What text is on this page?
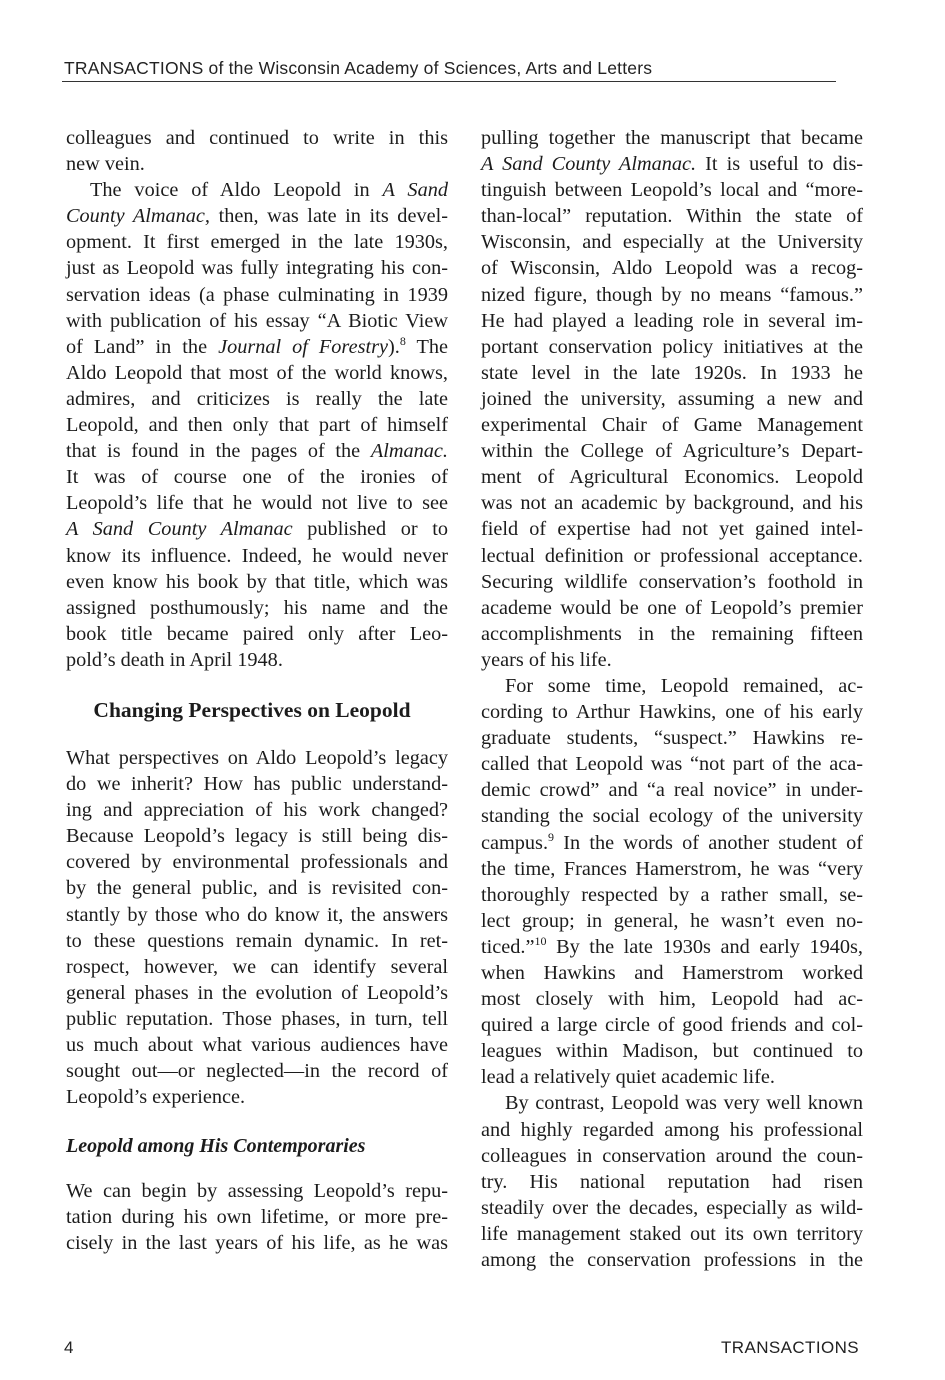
TRANSACTIONS of the Wisconsin Academy of Sciences, Arts and Letters
colleagues and continued to write in this
new vein.
The voice of Aldo Leopold in A Sand
County Almanac, then, was late in its devel-
opment. It first emerged in the late 1930s,
just as Leopold was fully integrating his con-
servation ideas (a phase culminating in 1939
with publication of his essay “A Biotic View
of Land” in the Journal of Forestry).$^8$ The
Aldo Leopold that most of the world knows,
admires, and criticizes is really the late
Leopold, and then only that part of himself
that is found in the pages of the Almanac.
It was of course one of the ironies of
Leopold’s life that he would not live to see
A Sand County Almanac published or to
know its influence. Indeed, he would never
even know his book by that title, which was
assigned posthumously; his name and the
book title became paired only after Leo-
pold’s death in April 1948.
Changing Perspectives on Leopold
What perspectives on Aldo Leopold’s legacy
do we inherit? How has public understand-
ing and appreciation of his work changed?
Because Leopold’s legacy is still being dis-
covered by environmental professionals and
by the general public, and is revisited con-
stantly by those who do know it, the answers
to these questions remain dynamic. In ret-
rospect, however, we can identify several
general phases in the evolution of Leopold’s
public reputation. Those phases, in turn, tell
us much about what various audiences have
sought out—or neglected—in the record of
Leopold’s experience.
Leopold among His Contemporaries
We can begin by assessing Leopold’s repu-
tation during his own lifetime, or more pre-
cisely in the last years of his life, as he was
pulling together the manuscript that became
A Sand County Almanac. It is useful to dis-
tinguish between Leopold’s local and “more-
than-local” reputation. Within the state of
Wisconsin, and especially at the University
of Wisconsin, Aldo Leopold was a recog-
nized figure, though by no means “famous.”
He had played a leading role in several im-
portant conservation policy initiatives at the
state level in the late 1920s. In 1933 he
joined the university, assuming a new and
experimental Chair of Game Management
within the College of Agriculture’s Depart-
ment of Agricultural Economics. Leopold
was not an academic by background, and his
field of expertise had not yet gained intel-
lectual definition or professional acceptance.
Securing wildlife conservation’s foothold in
academe would be one of Leopold’s premier
accomplishments in the remaining fifteen
years of his life.
For some time, Leopold remained, ac-
cording to Arthur Hawkins, one of his early
graduate students, “suspect.” Hawkins re-
called that Leopold was “not part of the aca-
demic crowd” and “a real novice” in under-
standing the social ecology of the university
campus.$^9$ In the words of another student of
the time, Frances Hamerstrom, he was “very
thoroughly respected by a rather small, se-
lect group; in general, he wasn’t even no-
ticed.”$^{10}$ By the late 1930s and early 1940s,
when Hawkins and Hamerstrom worked
most closely with him, Leopold had ac-
quired a large circle of good friends and col-
leagues within Madison, but continued to
lead a relatively quiet academic life.
By contrast, Leopold was very well known
and highly regarded among his professional
colleagues in conservation around the coun-
try. His national reputation had risen
steadily over the decades, especially as wild-
life management staked out its own territory
among the conservation professions in the
4	TRANSACTIONS
